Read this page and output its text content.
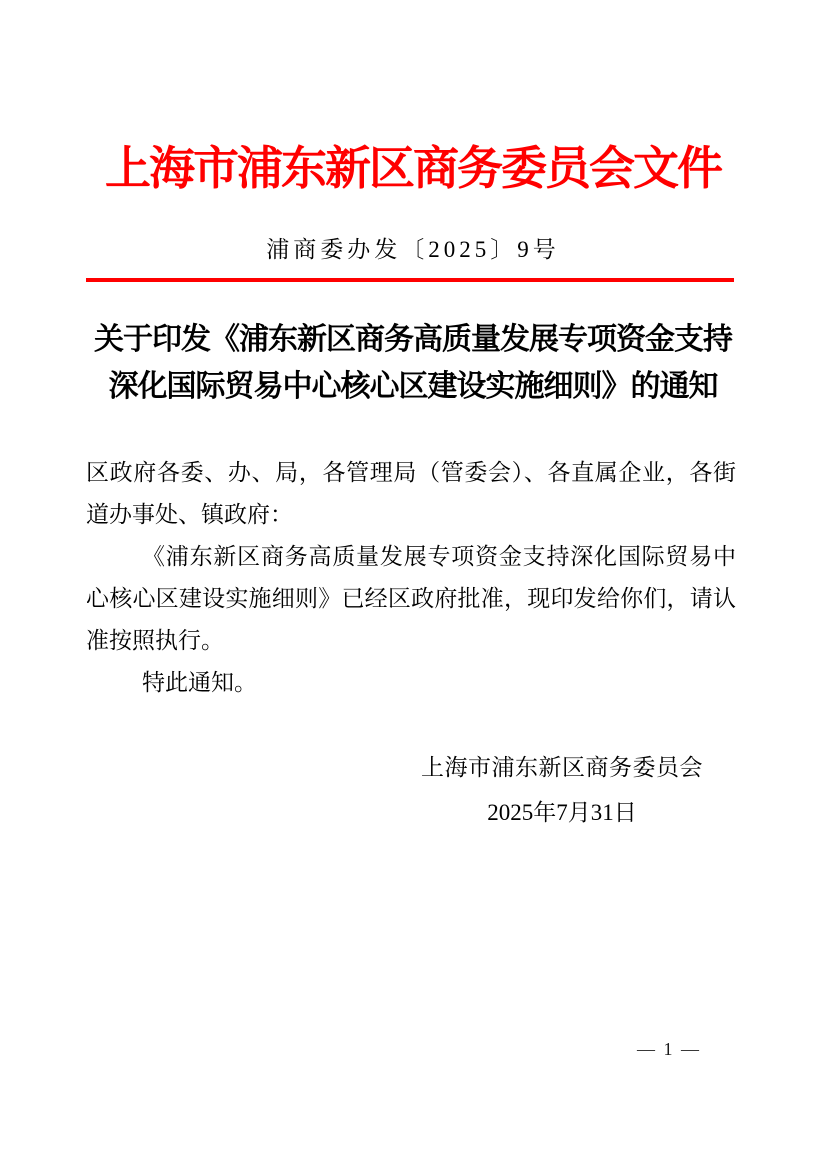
上海市浦东新区商务委员会文件
浦商委办发〔2025〕9号
关于印发《浦东新区商务高质量发展专项资金支持
深化国际贸易中心核心区建设实施细则》的通知

区政府各委、办、局，各管理局（管委会）、各直属企业，各街道办事处、镇政府：

《浦东新区商务高质量发展专项资金支持深化国际贸易中心核心区建设实施细则》已经区政府批准，现印发给你们，请认准按照执行。

特此通知。

上海市浦东新区商务委员会
2025年7月31日
— 1 —
